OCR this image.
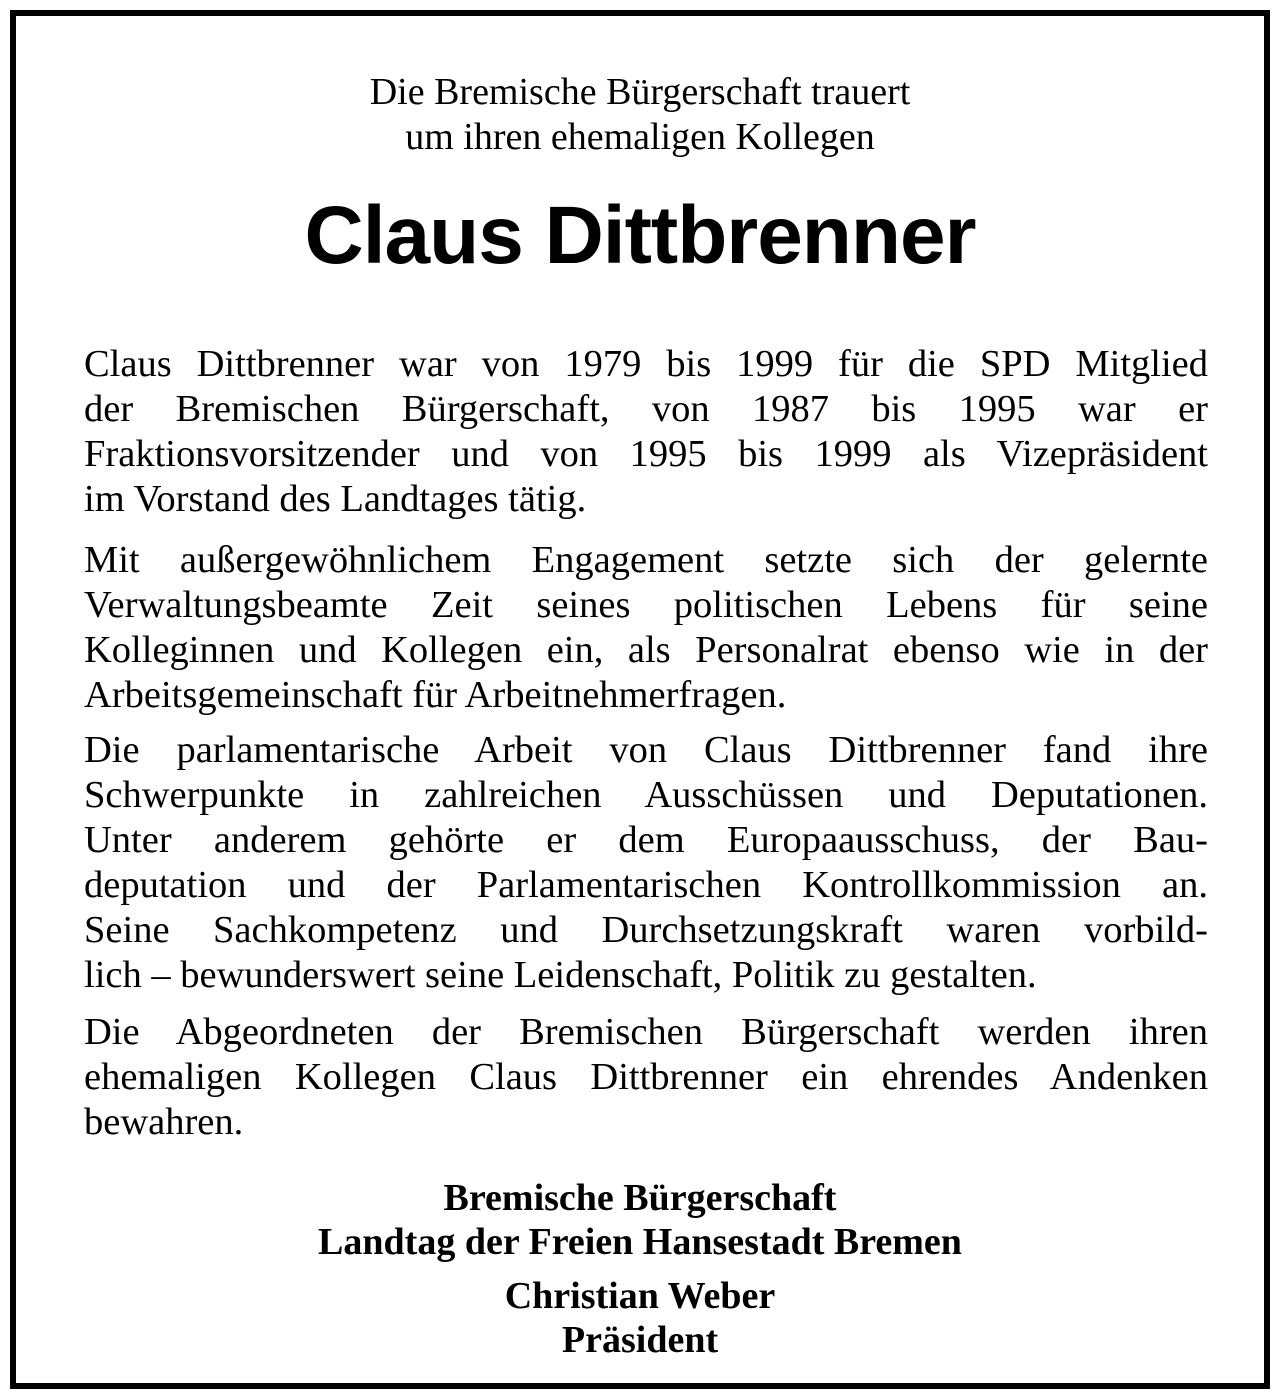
Die Bremische Bürgerschaft trauert
um ihren ehemaligen Kollegen
Claus Dittbrenner
Claus Dittbrenner war von 1979 bis 1999 für die SPD Mitglied
der Bremischen Bürgerschaft, von 1987 bis 1995 war er
Fraktionsvorsitzender und von 1995 bis 1999 als Vizepräsident
im Vorstand des Landtages tätig.
Mit außergewöhnlichem Engagement setzte sich der gelernte
Verwaltungsbeamte Zeit seines politischen Lebens für seine
Kolleginnen und Kollegen ein, als Personalrat ebenso wie in der
Arbeitsgemeinschaft für Arbeitnehmerfragen.
Die parlamentarische Arbeit von Claus Dittbrenner fand ihre
Schwerpunkte in zahlreichen Ausschüssen und Deputationen.
Unter anderem gehörte er dem Europaausschuss, der Bau-
deputation und der Parlamentarischen Kontrollkommission an.
Seine Sachkompetenz und Durchsetzungskraft waren vorbild-
lich – bewunderswert seine Leidenschaft, Politik zu gestalten.
Die Abgeordneten der Bremischen Bürgerschaft werden ihren
ehemaligen Kollegen Claus Dittbrenner ein ehrendes Andenken
bewahren.
Bremische Bürgerschaft
Landtag der Freien Hansestadt Bremen
Christian Weber
Präsident
